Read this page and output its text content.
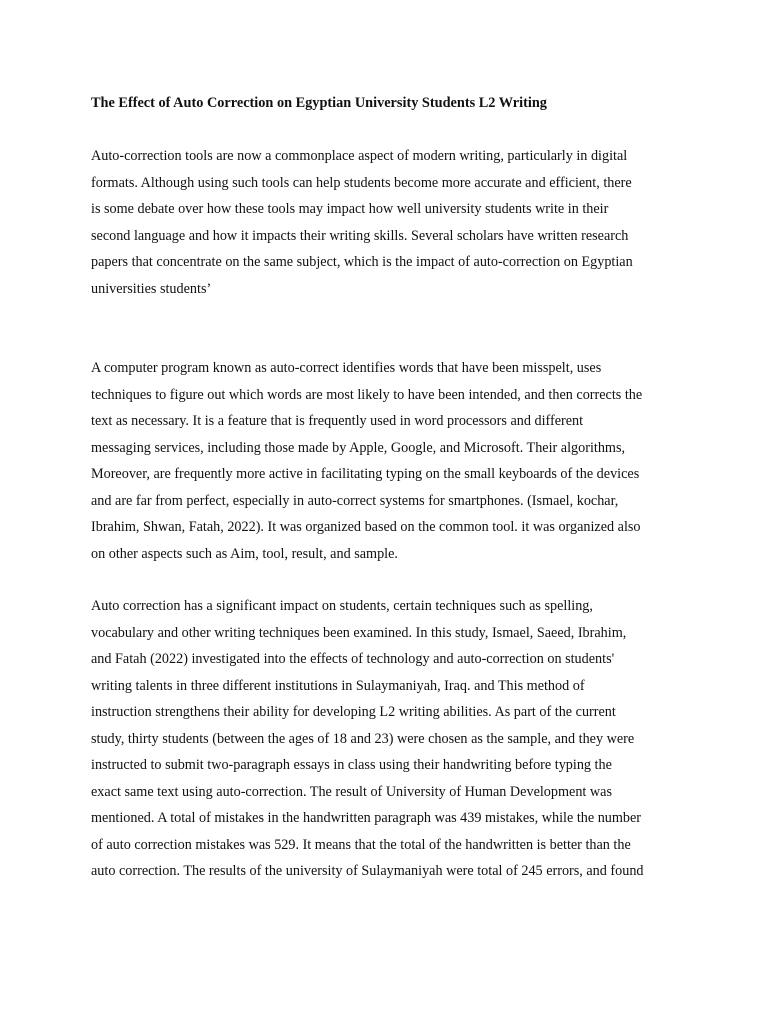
The Effect of Auto Correction on Egyptian University Students L2 Writing

Auto-correction tools are now a commonplace aspect of modern writing, particularly in digital
formats. Although using such tools can help students become more accurate and efficient, there
is some debate over how these tools may impact how well university students write in their
second language and how it impacts their writing skills. Several scholars have written research
papers that concentrate on the same subject, which is the impact of auto-correction on Egyptian
universities students’

A computer program known as auto-correct identifies words that have been misspelt, uses
techniques to figure out which words are most likely to have been intended, and then corrects the
text as necessary. It is a feature that is frequently used in word processors and different
messaging services, including those made by Apple, Google, and Microsoft. Their algorithms,
Moreover, are frequently more active in facilitating typing on the small keyboards of the devices
and are far from perfect, especially in auto-correct systems for smartphones. (Ismael, kochar,
Ibrahim, Shwan, Fatah, 2022). It was organized based on the common tool. it was organized also
on other aspects such as Aim, tool, result, and sample.

Auto correction has a significant impact on students, certain techniques such as spelling,
vocabulary and other writing techniques been examined. In this study, Ismael, Saeed, Ibrahim,
and Fatah (2022) investigated into the effects of technology and auto-correction on students'
writing talents in three different institutions in Sulaymaniyah, Iraq. and This method of
instruction strengthens their ability for developing L2 writing abilities. As part of the current
study, thirty students (between the ages of 18 and 23) were chosen as the sample, and they were
instructed to submit two-paragraph essays in class using their handwriting before typing the
exact same text using auto-correction. The result of University of Human Development was
mentioned. A total of mistakes in the handwritten paragraph was 439 mistakes, while the number
of auto correction mistakes was 529. It means that the total of the handwritten is better than the
auto correction. The results of the university of Sulaymaniyah were total of 245 errors, and found
